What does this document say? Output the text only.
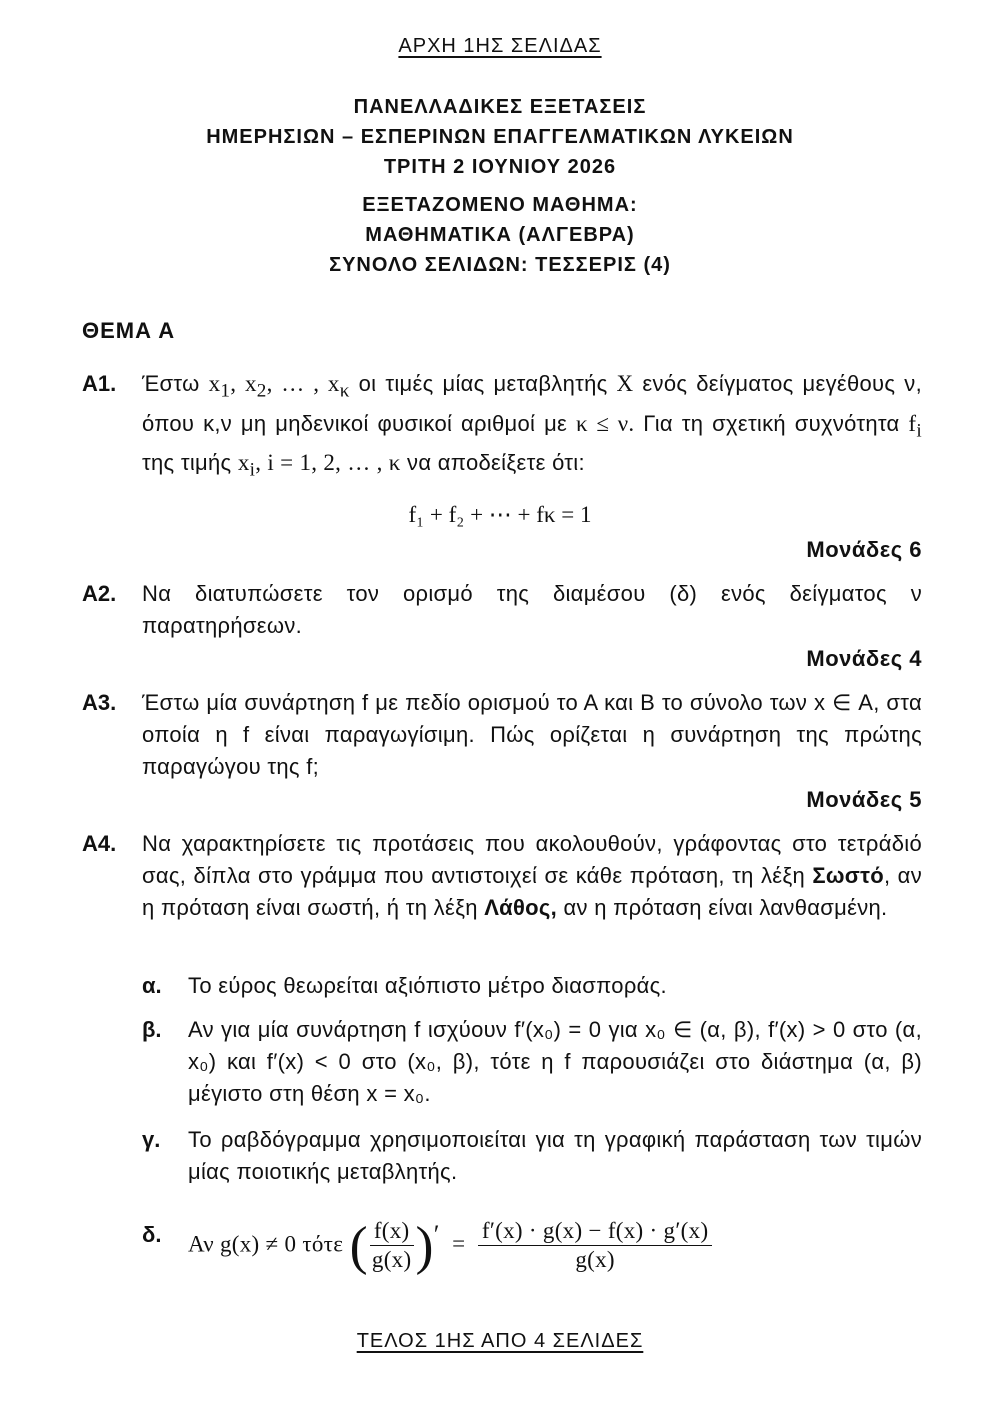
ΑΡΧΗ 1ΗΣ ΣΕΛΙΔΑΣ
ΠΑΝΕΛΛΑΔΙΚΕΣ ΕΞΕΤΑΣΕΙΣ
ΗΜΕΡΗΣΙΩΝ – ΕΣΠΕΡΙΝΩΝ ΕΠΑΓΓΕΛΜΑΤΙΚΩΝ ΛΥΚΕΙΩΝ
ΤΡΙΤΗ 2 ΙΟΥΝΙΟΥ 2026
ΕΞΕΤΑΖΟΜΕΝΟ ΜΑΘΗΜΑ:
ΜΑΘΗΜΑΤΙΚΑ (ΑΛΓΕΒΡΑ)
ΣΥΝΟΛΟ ΣΕΛΙΔΩΝ: ΤΕΣΣΕΡΙΣ (4)
ΘΕΜΑ Α
Α1. Έστω $x_1$, $x_2$, … , $x_\kappa$ οι τιμές μίας μεταβλητής Χ ενός δείγματος μεγέθους ν, όπου κ,ν μη μηδενικοί φυσικοί αριθμοί με κ ≤ ν. Για τη σχετική συχνότητα $f_i$ της τιμής $x_i$, i = 1, 2, … , κ να αποδείξετε ότι:
f₁ + f₂ + ⋯ + fκ = 1
Μονάδες 6
Α2. Να διατυπώσετε τον ορισμό της διαμέσου (δ) ενός δείγματος ν παρατηρήσεων.
Μονάδες 4
Α3. Έστω μία συνάρτηση f με πεδίο ορισμού το Α και Β το σύνολο των x ∈ Α, στα οποία η f είναι παραγωγίσιμη. Πώς ορίζεται η συνάρτηση της πρώτης παραγώγου της f;
Μονάδες 5
Α4. Να χαρακτηρίσετε τις προτάσεις που ακολουθούν, γράφοντας στο τετράδιό σας, δίπλα στο γράμμα που αντιστοιχεί σε κάθε πρόταση, τη λέξη Σωστό, αν η πρόταση είναι σωστή, ή τη λέξη Λάθος, αν η πρόταση είναι λανθασμένη.
α. Το εύρος θεωρείται αξιόπιστο μέτρο διασποράς.
β. Αν για μία συνάρτηση f ισχύουν f′(x₀) = 0 για x₀ ∈ (α, β), f′(x) > 0 στο (α, x₀) και f′(x) < 0 στο (x₀, β), τότε η f παρουσιάζει στο διάστημα (α, β) μέγιστο στη θέση x = x₀.
γ. Το ραβδόγραμμα χρησιμοποιείται για τη γραφική παράσταση των τιμών μίας ποιοτικής μεταβλητής.
δ. Αν g(x) ≠ 0 τότε ( $\frac{f(x)}{g(x)} )' = \frac{f'(x) \cdot g(x) - f(x) \cdot g'(x)}{g(x)}$
ΤΕΛΟΣ 1ΗΣ ΑΠΟ 4 ΣΕΛΙΔΕΣ
